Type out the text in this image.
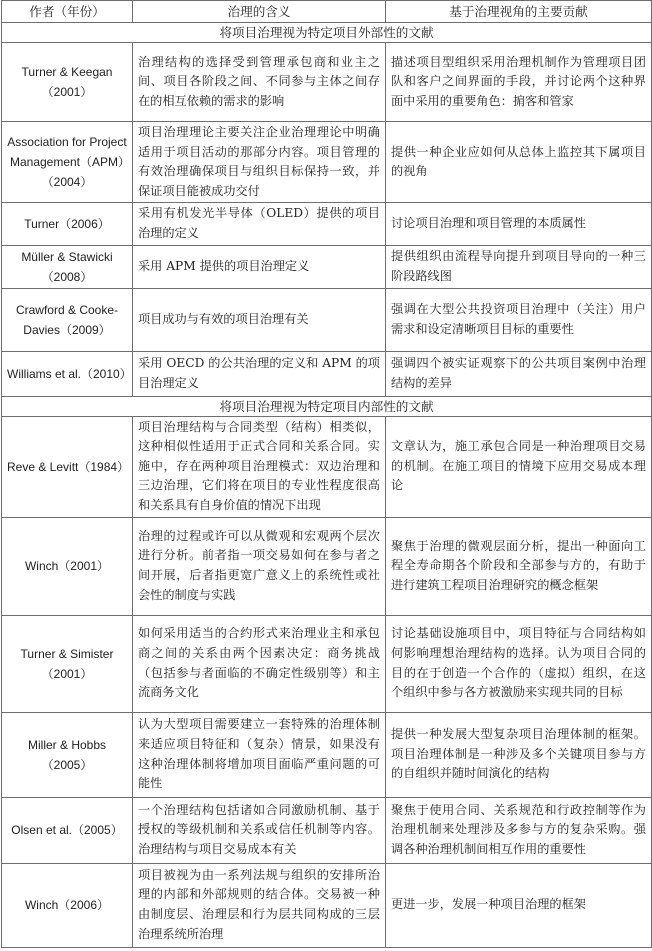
作者（年份）	治理的含义	基于治理视角的主要贡献
将项目治理视为特定项目外部性的文献		
Turner & Keegan（2001）	治理结构的选择受到管理承包商和业主之间、项目各阶段之间、不同参与主体之间存在的相互依赖的需求的影响	描述项目型组织采用治理机制作为管理项目团队和客户之间界面的手段，并讨论两个这种界面中采用的重要角色：掮客和管家
Association for Project Management（APM）（2004）	项目治理理论主要关注企业治理理论中明确适用于项目活动的那部分内容。项目管理的有效治理确保项目与组织目标保持一致，并保证项目能被成功交付	提供一种企业应如何从总体上监控其下属项目的视角
Turner（2006）	采用有机发光半导体（OLED）提供的项目治理的定义	讨论项目治理和项目管理的本质属性
Müller & Stawicki（2008）	采用 APM 提供的项目治理定义	提供组织由流程导向提升到项目导向的一种三阶段路线图
Crawford & Cooke-Davies（2009）	项目成功与有效的项目治理有关	强调在大型公共投资项目治理中（关注）用户需求和设定清晰项目目标的重要性
Williams et al.（2010）	采用 OECD 的公共治理的定义和 APM 的项目治理定义	强调四个被实证观察下的公共项目案例中治理结构的差异
将项目治理视为特定项目内部性的文献		
Reve & Levitt（1984）	项目治理结构与合同类型（结构）相类似，这种相似性适用于正式合同和关系合同。实施中，存在两种项目治理模式：双边治理和三边治理，它们将在项目的专业性程度很高和关系具有自身价值的情况下出现	文章认为，施工承包合同是一种治理项目交易的机制。在施工项目的情境下应用交易成本理论
Winch（2001）	治理的过程或许可以从微观和宏观两个层次进行分析。前者指一项交易如何在参与者之间开展，后者指更宽广意义上的系统性或社会性的制度与实践	聚焦于治理的微观层面分析，提出一种面向工程全寿命期各个阶段和全部参与方的，有助于进行建筑工程项目治理研究的概念框架
Turner & Simister（2001）	如何采用适当的合约形式来治理业主和承包商之间的关系由两个因素决定：商务挑战（包括参与者面临的不确定性级别等）和主流商务文化	讨论基础设施项目中，项目特征与合同结构如何影响理想治理结构的选择。认为项目合同的目的在于创造一个合作的（虚拟）组织，在这个组织中参与各方被激励来实现共同的目标
Miller & Hobbs（2005）	认为大型项目需要建立一套特殊的治理体制来适应项目特征和（复杂）情景，如果没有这种治理体制将增加项目面临严重问题的可能性	提供一种发展大型复杂项目治理体制的框架。项目治理体制是一种涉及多个关键项目参与方的自组织并随时间演化的结构
Olsen et al.（2005）	一个治理结构包括诸如合同激励机制、基于授权的等级机制和关系或信任机制等内容。治理结构与项目交易成本有关	聚焦于使用合同、关系规范和行政控制等作为治理机制来处理涉及多参与方的复杂采购。强调各种治理机制间相互作用的重要性
Winch（2006）	项目被视为由一系列法规与组织的安排所治理的内部和外部规则的结合体。交易被一种由制度层、治理层和行为层共同构成的三层治理系统所治理	更进一步，发展一种项目治理的框架
